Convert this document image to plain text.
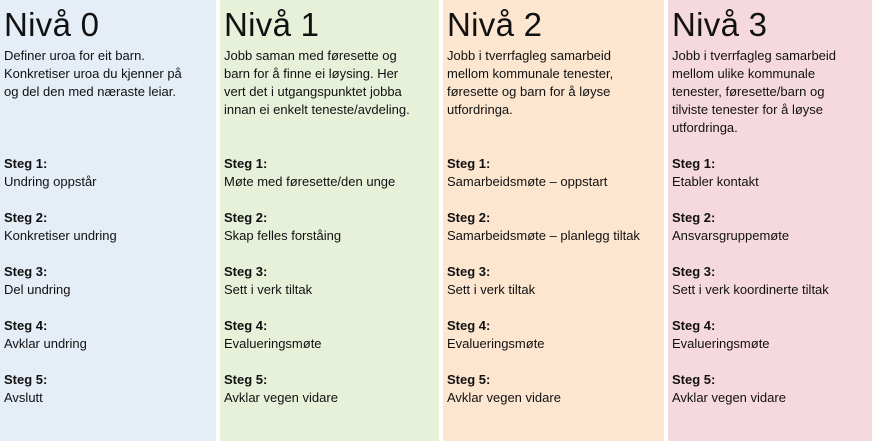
Nivå 0
Definer uroa for eit barn.
Konkretiser uroa du kjenner på
og del den med næraste leiar.
Steg 1:
Undring oppstår
Steg 2:
Konkretiser undring
Steg 3:
Del undring
Steg 4:
Avklar undring
Steg 5:
Avslutt
Nivå 1
Jobb saman med føresette og
barn for å finne ei løysing. Her
vert det i utgangspunktet jobba
innan ei enkelt teneste/avdeling.
Steg 1:
Møte med føresette/den unge
Steg 2:
Skap felles forståing
Steg 3:
Sett i verk tiltak
Steg 4:
Evalueringsmøte
Steg 5:
Avklar vegen vidare
Nivå 2
Jobb i tverrfagleg samarbeid
mellom kommunale tenester,
føresette og barn for å løyse
utfordringa.
Steg 1:
Samarbeidsmøte – oppstart
Steg 2:
Samarbeidsmøte – planlegg tiltak
Steg 3:
Sett i verk tiltak
Steg 4:
Evalueringsmøte
Steg 5:
Avklar vegen vidare
Nivå 3
Jobb i tverrfagleg samarbeid
mellom ulike kommunale
tenester, føresette/barn og
tilviste tenester for å løyse
utfordringa.
Steg 1:
Etabler kontakt
Steg 2:
Ansvarsgruppemøte
Steg 3:
Sett i verk koordinerte tiltak
Steg 4:
Evalueringsmøte
Steg 5:
Avklar vegen vidare
